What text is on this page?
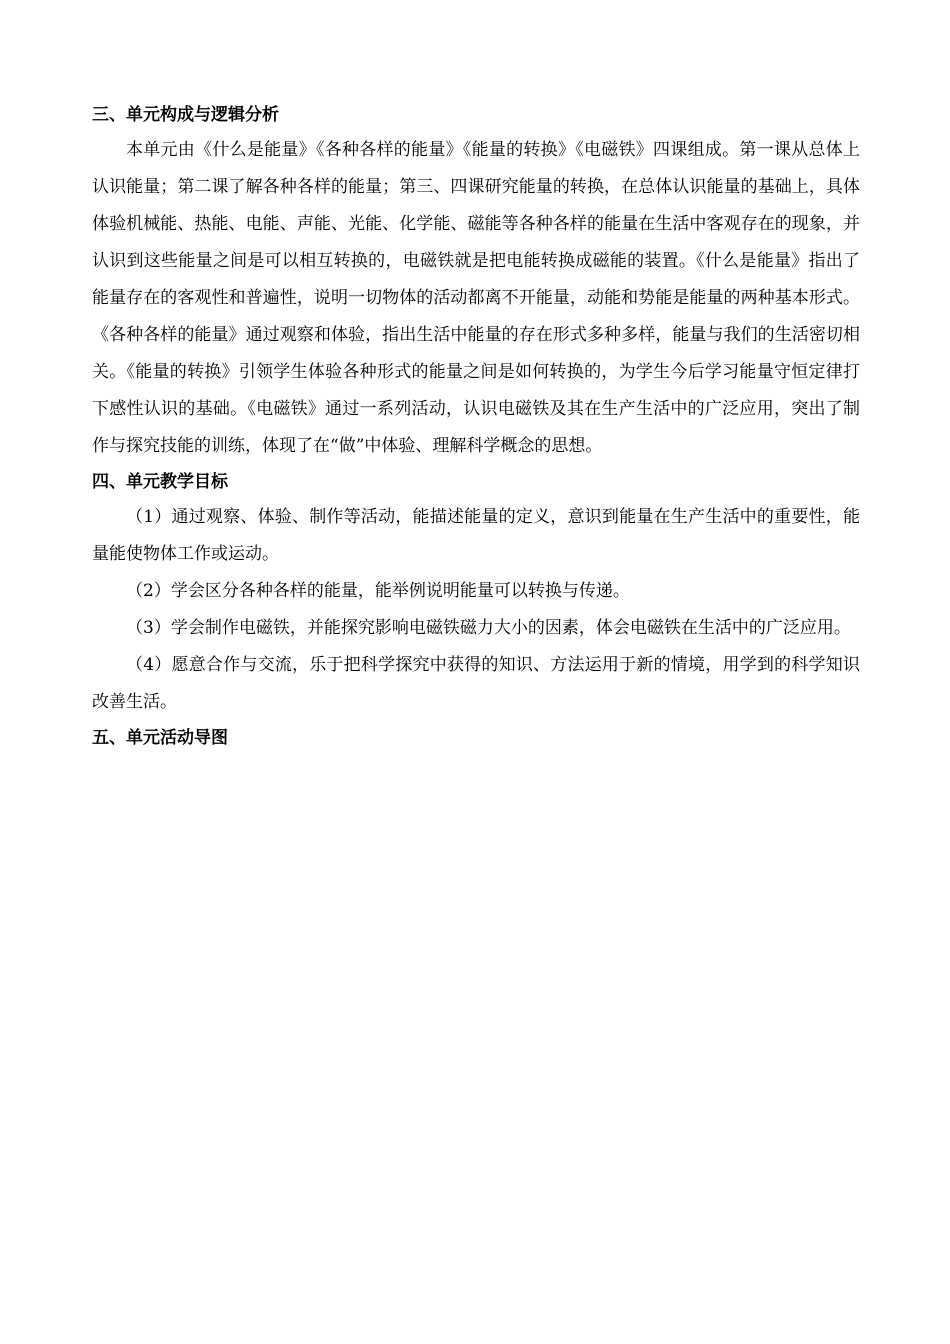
三、单元构成与逻辑分析

本单元由《什么是能量》《各种各样的能量》《能量的转换》《电磁铁》四课组成。第一课从总体上认识能量；第二课了解各种各样的能量；第三、四课研究能量的转换，在总体认识能量的基础上，具体体验机械能、热能、电能、声能、光能、化学能、磁能等各种各样的能量在生活中客观存在的现象，并认识到这些能量之间是可以相互转换的，电磁铁就是把电能转换成磁能的装置。《什么是能量》指出了能量存在的客观性和普遍性，说明一切物体的活动都离不开能量，动能和势能是能量的两种基本形式。《各种各样的能量》通过观察和体验，指出生活中能量的存在形式多种多样，能量与我们的生活密切相关。《能量的转换》引领学生体验各种形式的能量之间是如何转换的，为学生今后学习能量守恒定律打下感性认识的基础。《电磁铁》通过一系列活动，认识电磁铁及其在生产生活中的广泛应用，突出了制作与探究技能的训练，体现了在“做”中体验、理解科学概念的思想。

四、单元教学目标

（1）通过观察、体验、制作等活动，能描述能量的定义，意识到能量在生产生活中的重要性，能量能使物体工作或运动。

（2）学会区分各种各样的能量，能举例说明能量可以转换与传递。

（3）学会制作电磁铁，并能探究影响电磁铁磁力大小的因素，体会电磁铁在生活中的广泛应用。

（4）愿意合作与交流，乐于把科学探究中获得的知识、方法运用于新的情境，用学到的科学知识改善生活。

五、单元活动导图
